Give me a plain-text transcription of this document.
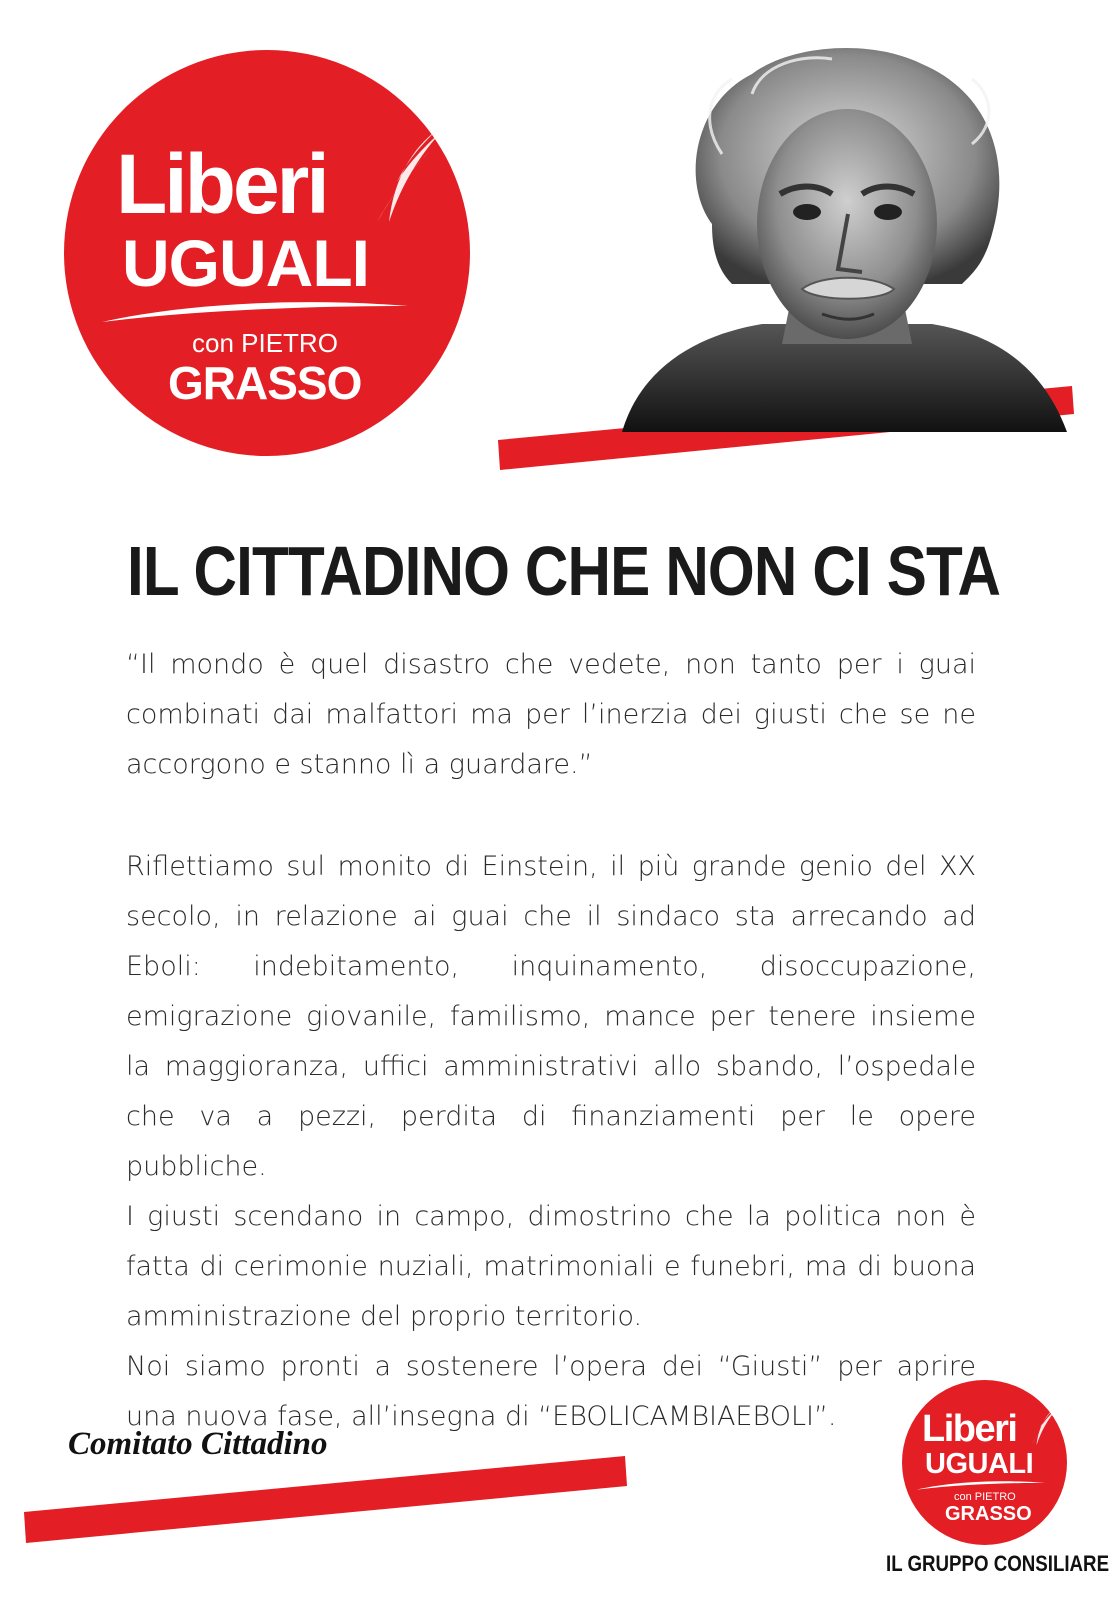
Liberi
UGUALI
con PIETRO
GRASSO
IL CITTADINO CHE NON CI STA

“Il mondo è quel disastro che vedete, non tanto per i guai combinati dai malfattori ma per l’inerzia dei giusti che se ne accorgono e stanno lì a guardare.”

Riflettiamo sul monito di Einstein, il più grande genio del XX secolo, in relazione ai guai che il sindaco sta arrecando ad Eboli: indebitamento, inquinamento, disoccupazione, emigrazione giovanile, familismo, mance per tenere insieme la maggioranza, uffici amministrativi allo sbando, l’ospedale che va a pezzi, perdita di finanziamenti per le opere pubbliche.

I giusti scendano in campo, dimostrino che la politica non è fatta di cerimonie nuziali, matrimoniali e funebri, ma di buona amministrazione del proprio territorio.

Noi siamo pronti a sostenere l’opera dei “Giusti” per aprire una nuova fase, all’insegna di “EBOLICAMBIAEBOLI”.

Comitato Cittadino	Liberi
UGUALI
con PIETRO
GRASSO
IL GRUPPO CONSILIARE
